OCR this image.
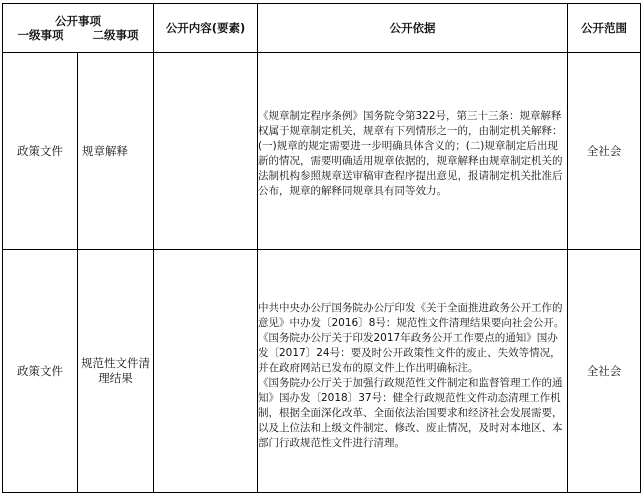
公开事项
一级事项 二级事项		公开内容(要素)	公开依据	公开范围
政策文件	规章解释		《规章制定程序条例》国务院令第322号，第三十三条：规章解释权属于规章制定机关，规章有下列情形之一的，由制定机关解释：(一)规章的规定需要进一步明确具体含义的；(二)规章制定后出现新的情况，需要明确适用规章依据的，规章解释由规章制定机关的法制机构参照规章送审稿审查程序提出意见，报请制定机关批准后公布，规章的解释同规章具有同等效力。	全社会
政策文件	规范性文件清理结果		中共中央办公厅国务院办公厅印发《关于全面推进政务公开工作的意见》中办发〔2016〕8号：规范性文件清理结果要向社会公开。
《国务院办公厅关于印发2017年政务公开工作要点的通知》国办发〔2017〕24号：要及时公开政策性文件的废止、失效等情况，并在政府网站已发布的原文件上作出明确标注。
《国务院办公厅关于加强行政规范性文件制定和监督管理工作的通知》国办发〔2018〕37号：健全行政规范性文件动态清理工作机制，根据全面深化改革、全面依法治国要求和经济社会发展需要，以及上位法和上级文件制定、修改、废止情况，及时对本地区、本部门行政规范性文件进行清理。	全社会
